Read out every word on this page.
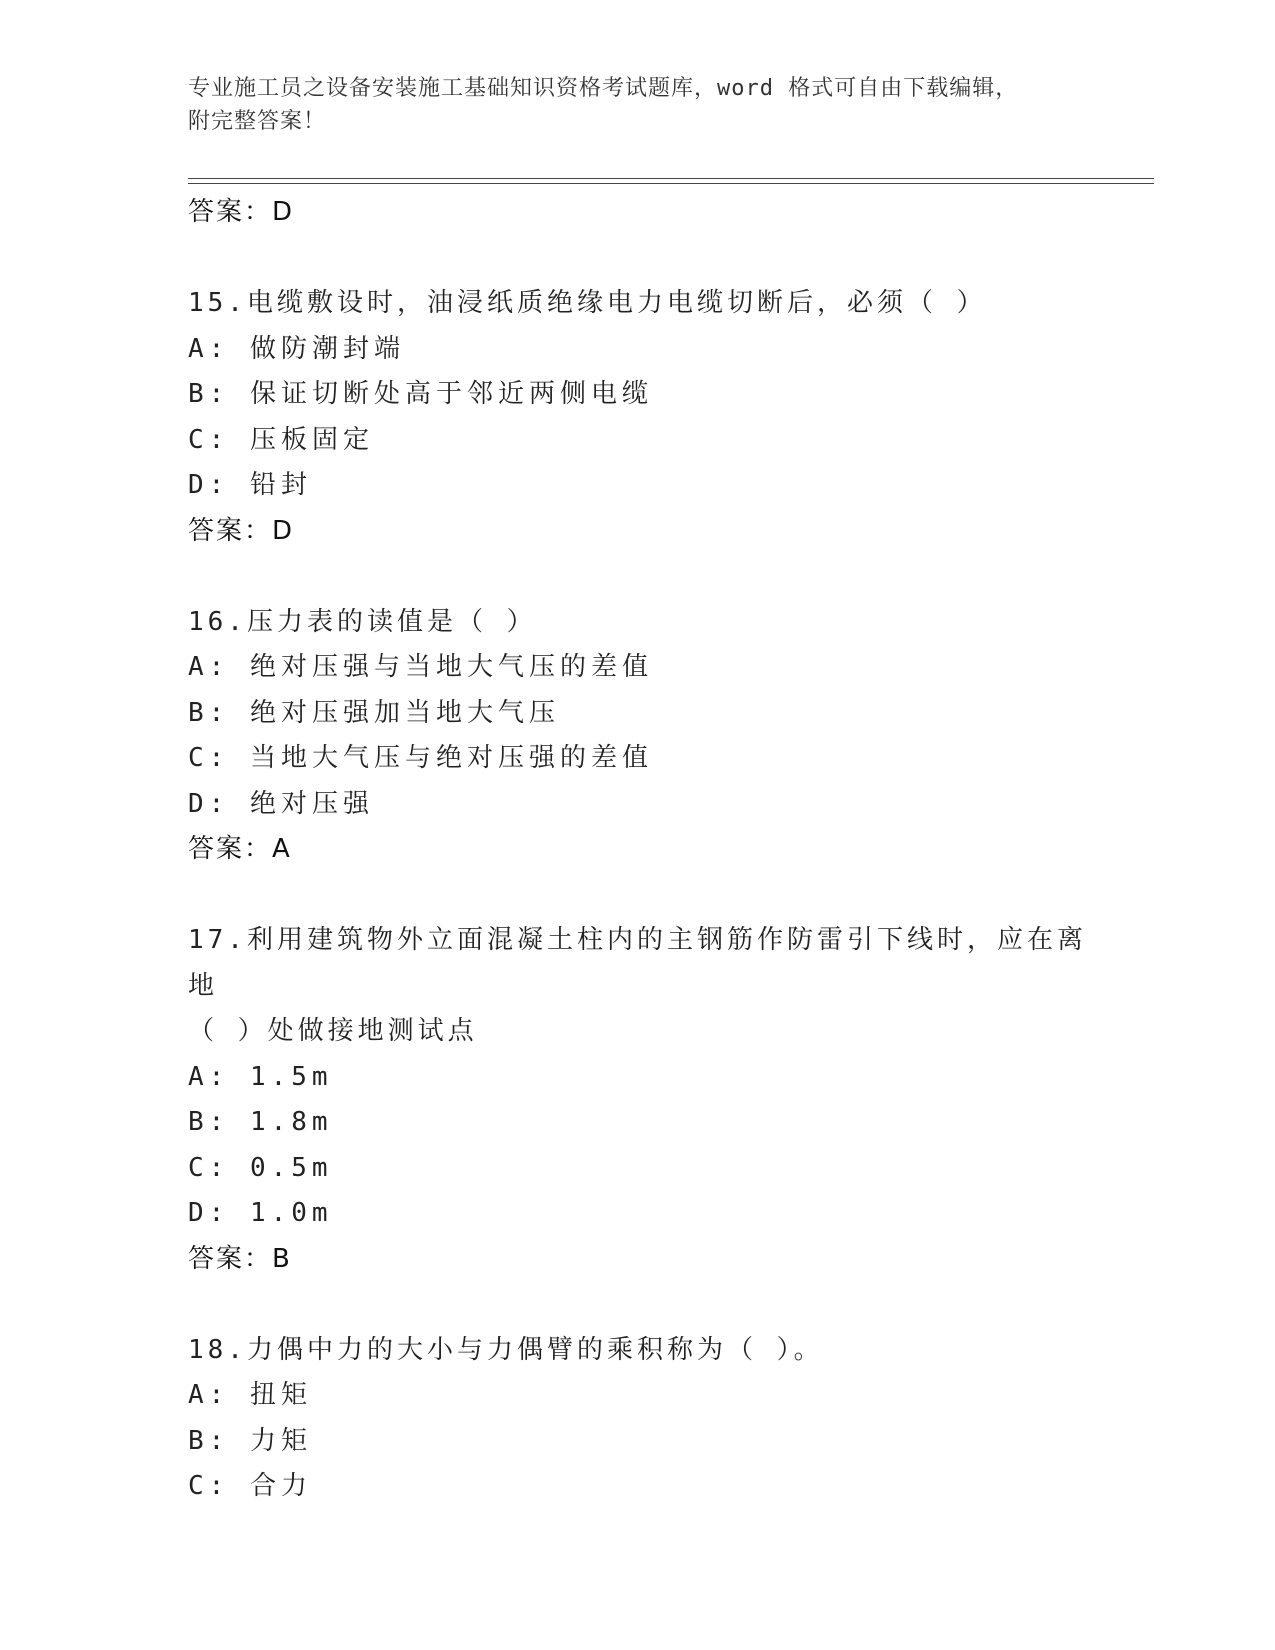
专业施工员之设备安装施工基础知识资格考试题库，word 格式可自由下载编辑，
附完整答案！
答案：D
15.电缆敷设时，油浸纸质绝缘电力电缆切断后，必须（ ）
A: 做防潮封端
B: 保证切断处高于邻近两侧电缆
C: 压板固定
D: 铅封
答案：D
16.压力表的读值是（ ）
A: 绝对压强与当地大气压的差值
B: 绝对压强加当地大气压
C: 当地大气压与绝对压强的差值
D: 绝对压强
答案：A
17.利用建筑物外立面混凝土柱内的主钢筋作防雷引下线时，应在离地
（ ）处做接地测试点
A: 1.5m
B: 1.8m
C: 0.5m
D: 1.0m
答案：B
18.力偶中力的大小与力偶臂的乘积称为（ ）。
A: 扭矩
B: 力矩
C: 合力
